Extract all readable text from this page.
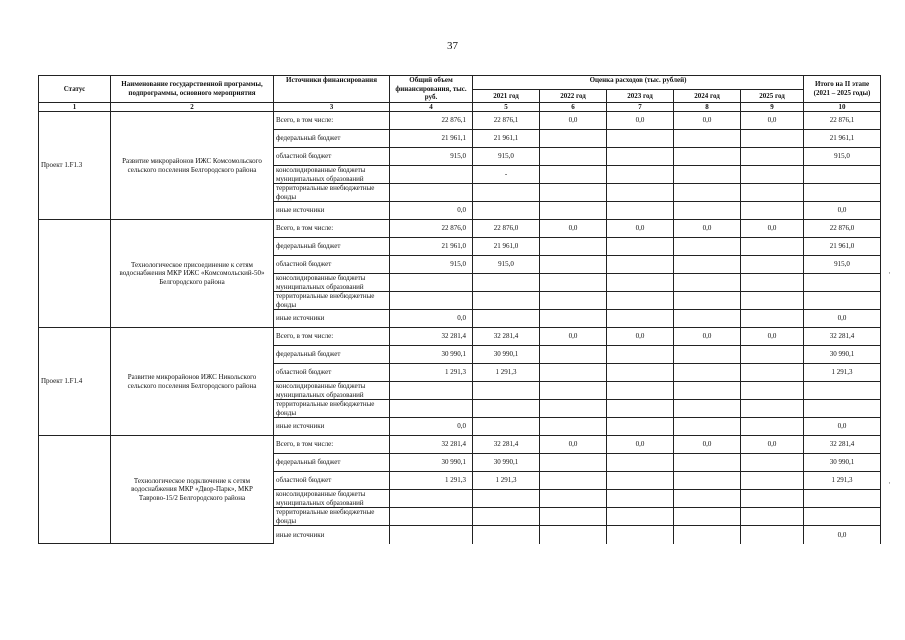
37
Статус	Наименование государственной программы, подпрограммы, основного мероприятия	Источники финансирования	Общий объем финансирования, тыс. руб.	Оценка расходов (тыс. рублей)					Итого на II этапе (2021 – 2025 годы)
				2021 год	2022 год	2023 год	2024 год	2025 год	
1	2	3	4	5	6	7	8	9	10
Проект 1.F1.3	Развитие микрорайонов ИЖС Комсомольского сельского поселения Белгородского района	Всего, в том числе:	22 876,1	22 876,1	0,0	0,0	0,0	0,0	22 876,1
		федеральный бюджет	21 961,1	21 961,1					21 961,1
		областной бюджет	915,0	915,0					915,0
		консолидированные бюджеты муниципальных образований		-					
		территориальные внебюджетные фонды							
		иные источники	0,0						0,0
	Технологическое присоединение к сетям водоснабжения МКР ИЖС «Комсомольский-50» Белгородского района	Всего, в том числе:	22 876,0	22 876,0	0,0	0,0	0,0	0,0	22 876,0
		федеральный бюджет	21 961,0	21 961,0					21 961,0
		областной бюджет	915,0	915,0					915,0
		консолидированные бюджеты муниципальных образований							
		территориальные внебюджетные фонды							
		иные источники	0,0						0,0
Проект 1.F1.4	Развитие микрорайонов ИЖС Никольского сельского поселения Белгородского района	Всего, в том числе:	32 281,4	32 281,4	0,0	0,0	0,0	0,0	32 281,4
		федеральный бюджет	30 990,1	30 990,1					30 990,1
		областной бюджет	1 291,3	1 291,3					1 291,3
		консолидированные бюджеты муниципальных образований							
		территориальные внебюджетные фонды							
		иные источники	0,0						0,0
	Технологическое подключение к сетям водоснабжения МКР «Двор-Парк», МКР Таврово-15/2 Белгородского района	Всего, в том числе:	32 281,4	32 281,4	0,0	0,0	0,0	0,0	32 281,4
		федеральный бюджет	30 990,1	30 990,1					30 990,1
		областной бюджет	1 291,3	1 291,3					1 291,3
		консолидированные бюджеты муниципальных образований							
		территориальные внебюджетные фонды							
		иные источники							0,0
·
·
